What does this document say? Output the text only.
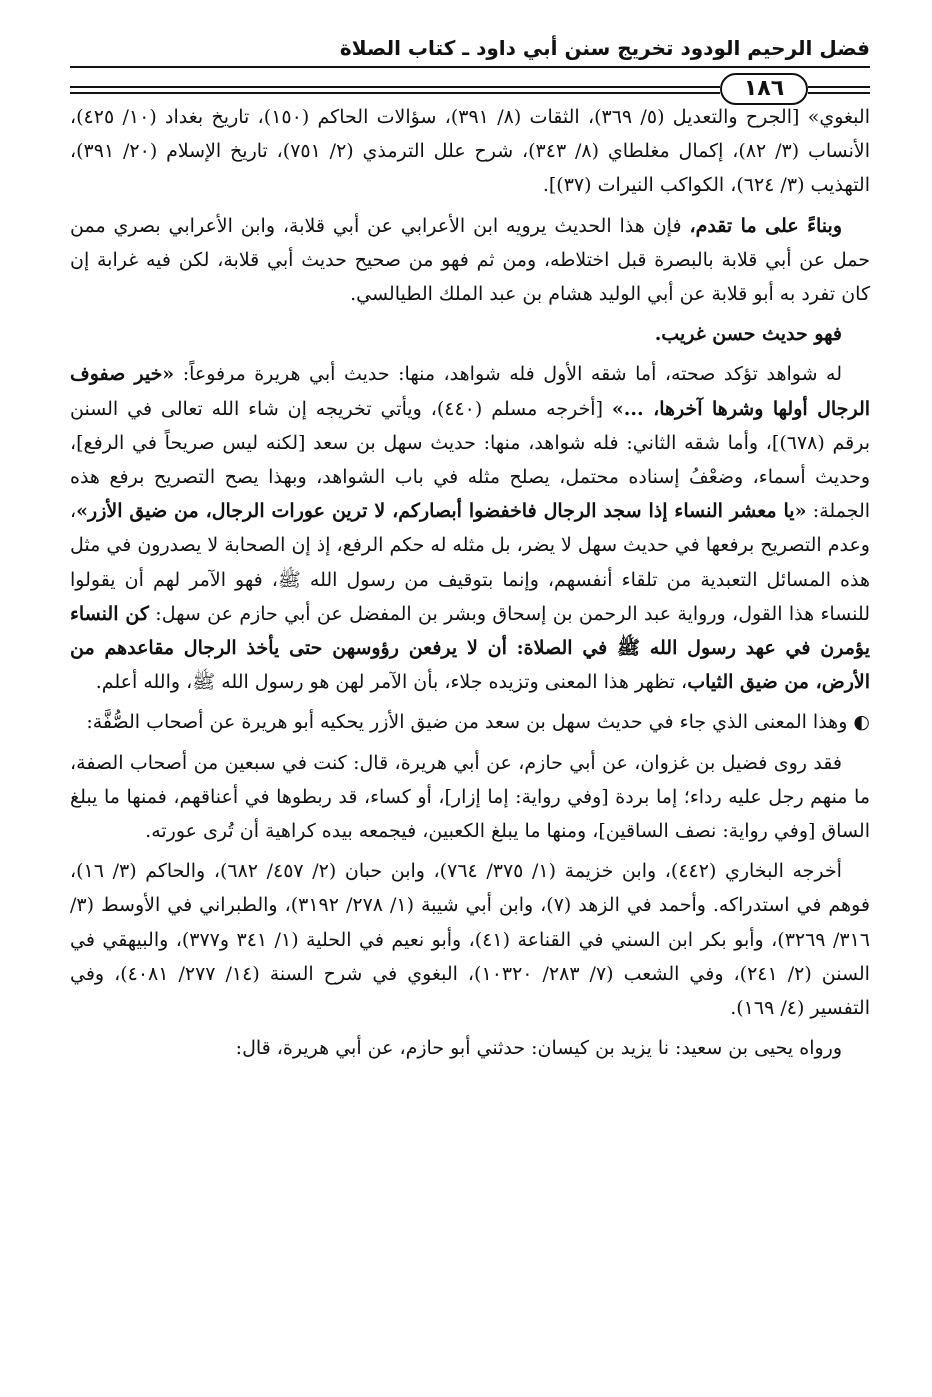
فضل الرحيم الودود تخريج سنن أبي داود ـ كتاب الصلاة
١٨٦

البغوي» [الجرح والتعديل (٥/ ٣٦٩)، الثقات (٨/ ٣٩١)، سؤالات الحاكم (١٥٠)، تاريخ بغداد (١٠/ ٤٢٥)، الأنساب (٣/ ٨٢)، إكمال مغلطاي (٨/ ٣٤٣)، شرح علل الترمذي (٢/ ٧٥١)، تاريخ الإسلام (٢٠/ ٣٩١)، التهذيب (٣/ ٦٢٤)، الكواكب النيرات (٣٧)].

وبناءً على ما تقدم، فإن هذا الحديث يرويه ابن الأعرابي عن أبي قلابة، وابن الأعرابي بصري ممن حمل عن أبي قلابة بالبصرة قبل اختلاطه، ومن ثم فهو من صحيح حديث أبي قلابة، لكن فيه غرابة إن كان تفرد به أبو قلابة عن أبي الوليد هشام بن عبد الملك الطيالسي.

فهو حديث حسن غريب.

له شواهد تؤكد صحته، أما شقه الأول فله شواهد، منها: حديث أبي هريرة مرفوعاً: «خير صفوف الرجال أولها وشرها آخرها، ...» [أخرجه مسلم (٤٤٠)، ويأتي تخريجه إن شاء الله تعالى في السنن برقم (٦٧٨)]، وأما شقه الثاني: فله شواهد، منها: حديث سهل بن سعد [لكنه ليس صريحاً في الرفع]، وحديث أسماء، وضعْفُ إسناده محتمل، يصلح مثله في باب الشواهد، وبهذا يصح التصريح برفع هذه الجملة: «يا معشر النساء إذا سجد الرجال فاخفضوا أبصاركم، لا ترين عورات الرجال، من ضيق الأزر»، وعدم التصريح برفعها في حديث سهل لا يضر، بل مثله له حكم الرفع، إذ إن الصحابة لا يصدرون في مثل هذه المسائل التعبدية من تلقاء أنفسهم، وإنما بتوقيف من رسول الله ﷺ، فهو الآمر لهم أن يقولوا للنساء هذا القول، ورواية عبد الرحمن بن إسحاق وبشر بن المفضل عن أبي حازم عن سهل: كن النساء يؤمرن في عهد رسول الله ﷺ في الصلاة: أن لا يرفعن رؤوسهن حتى يأخذ الرجال مقاعدهم من الأرض، من ضيق الثياب، تظهر هذا المعنى وتزيده جلاء، بأن الآمر لهن هو رسول الله ﷺ، والله أعلم.

◐ وهذا المعنى الذي جاء في حديث سهل بن سعد من ضيق الأزر يحكيه أبو هريرة عن أصحاب الصُّفَّة:

فقد روى فضيل بن غزوان، عن أبي حازم، عن أبي هريرة، قال: كنت في سبعين من أصحاب الصفة، ما منهم رجل عليه رداء؛ إما بردة [وفي رواية: إما إزار]، أو كساء، قد ربطوها في أعناقهم، فمنها ما يبلغ الساق [وفي رواية: نصف الساقين]، ومنها ما يبلغ الكعبين، فيجمعه بيده كراهية أن تُرى عورته.

أخرجه البخاري (٤٤٢)، وابن خزيمة (١/ ٣٧٥/ ٧٦٤)، وابن حبان (٢/ ٤٥٧/ ٦٨٢)، والحاكم (٣/ ١٦)، فوهم في استدراكه. وأحمد في الزهد (٧)، وابن أبي شيبة (١/ ٢٧٨/ ٣١٩٢)، والطبراني في الأوسط (٣/ ٣١٦/ ٣٢٦٩)، وأبو بكر ابن السني في القناعة (٤١)، وأبو نعيم في الحلية (١/ ٣٤١ و٣٧٧)، والبيهقي في السنن (٢/ ٢٤١)، وفي الشعب (٧/ ٢٨٣/ ١٠٣٢٠)، البغوي في شرح السنة (١٤/ ٢٧٧/ ٤٠٨١)، وفي التفسير (٤/ ١٦٩).

ورواه يحيى بن سعيد: نا يزيد بن كيسان: حدثني أبو حازم، عن أبي هريرة، قال:
